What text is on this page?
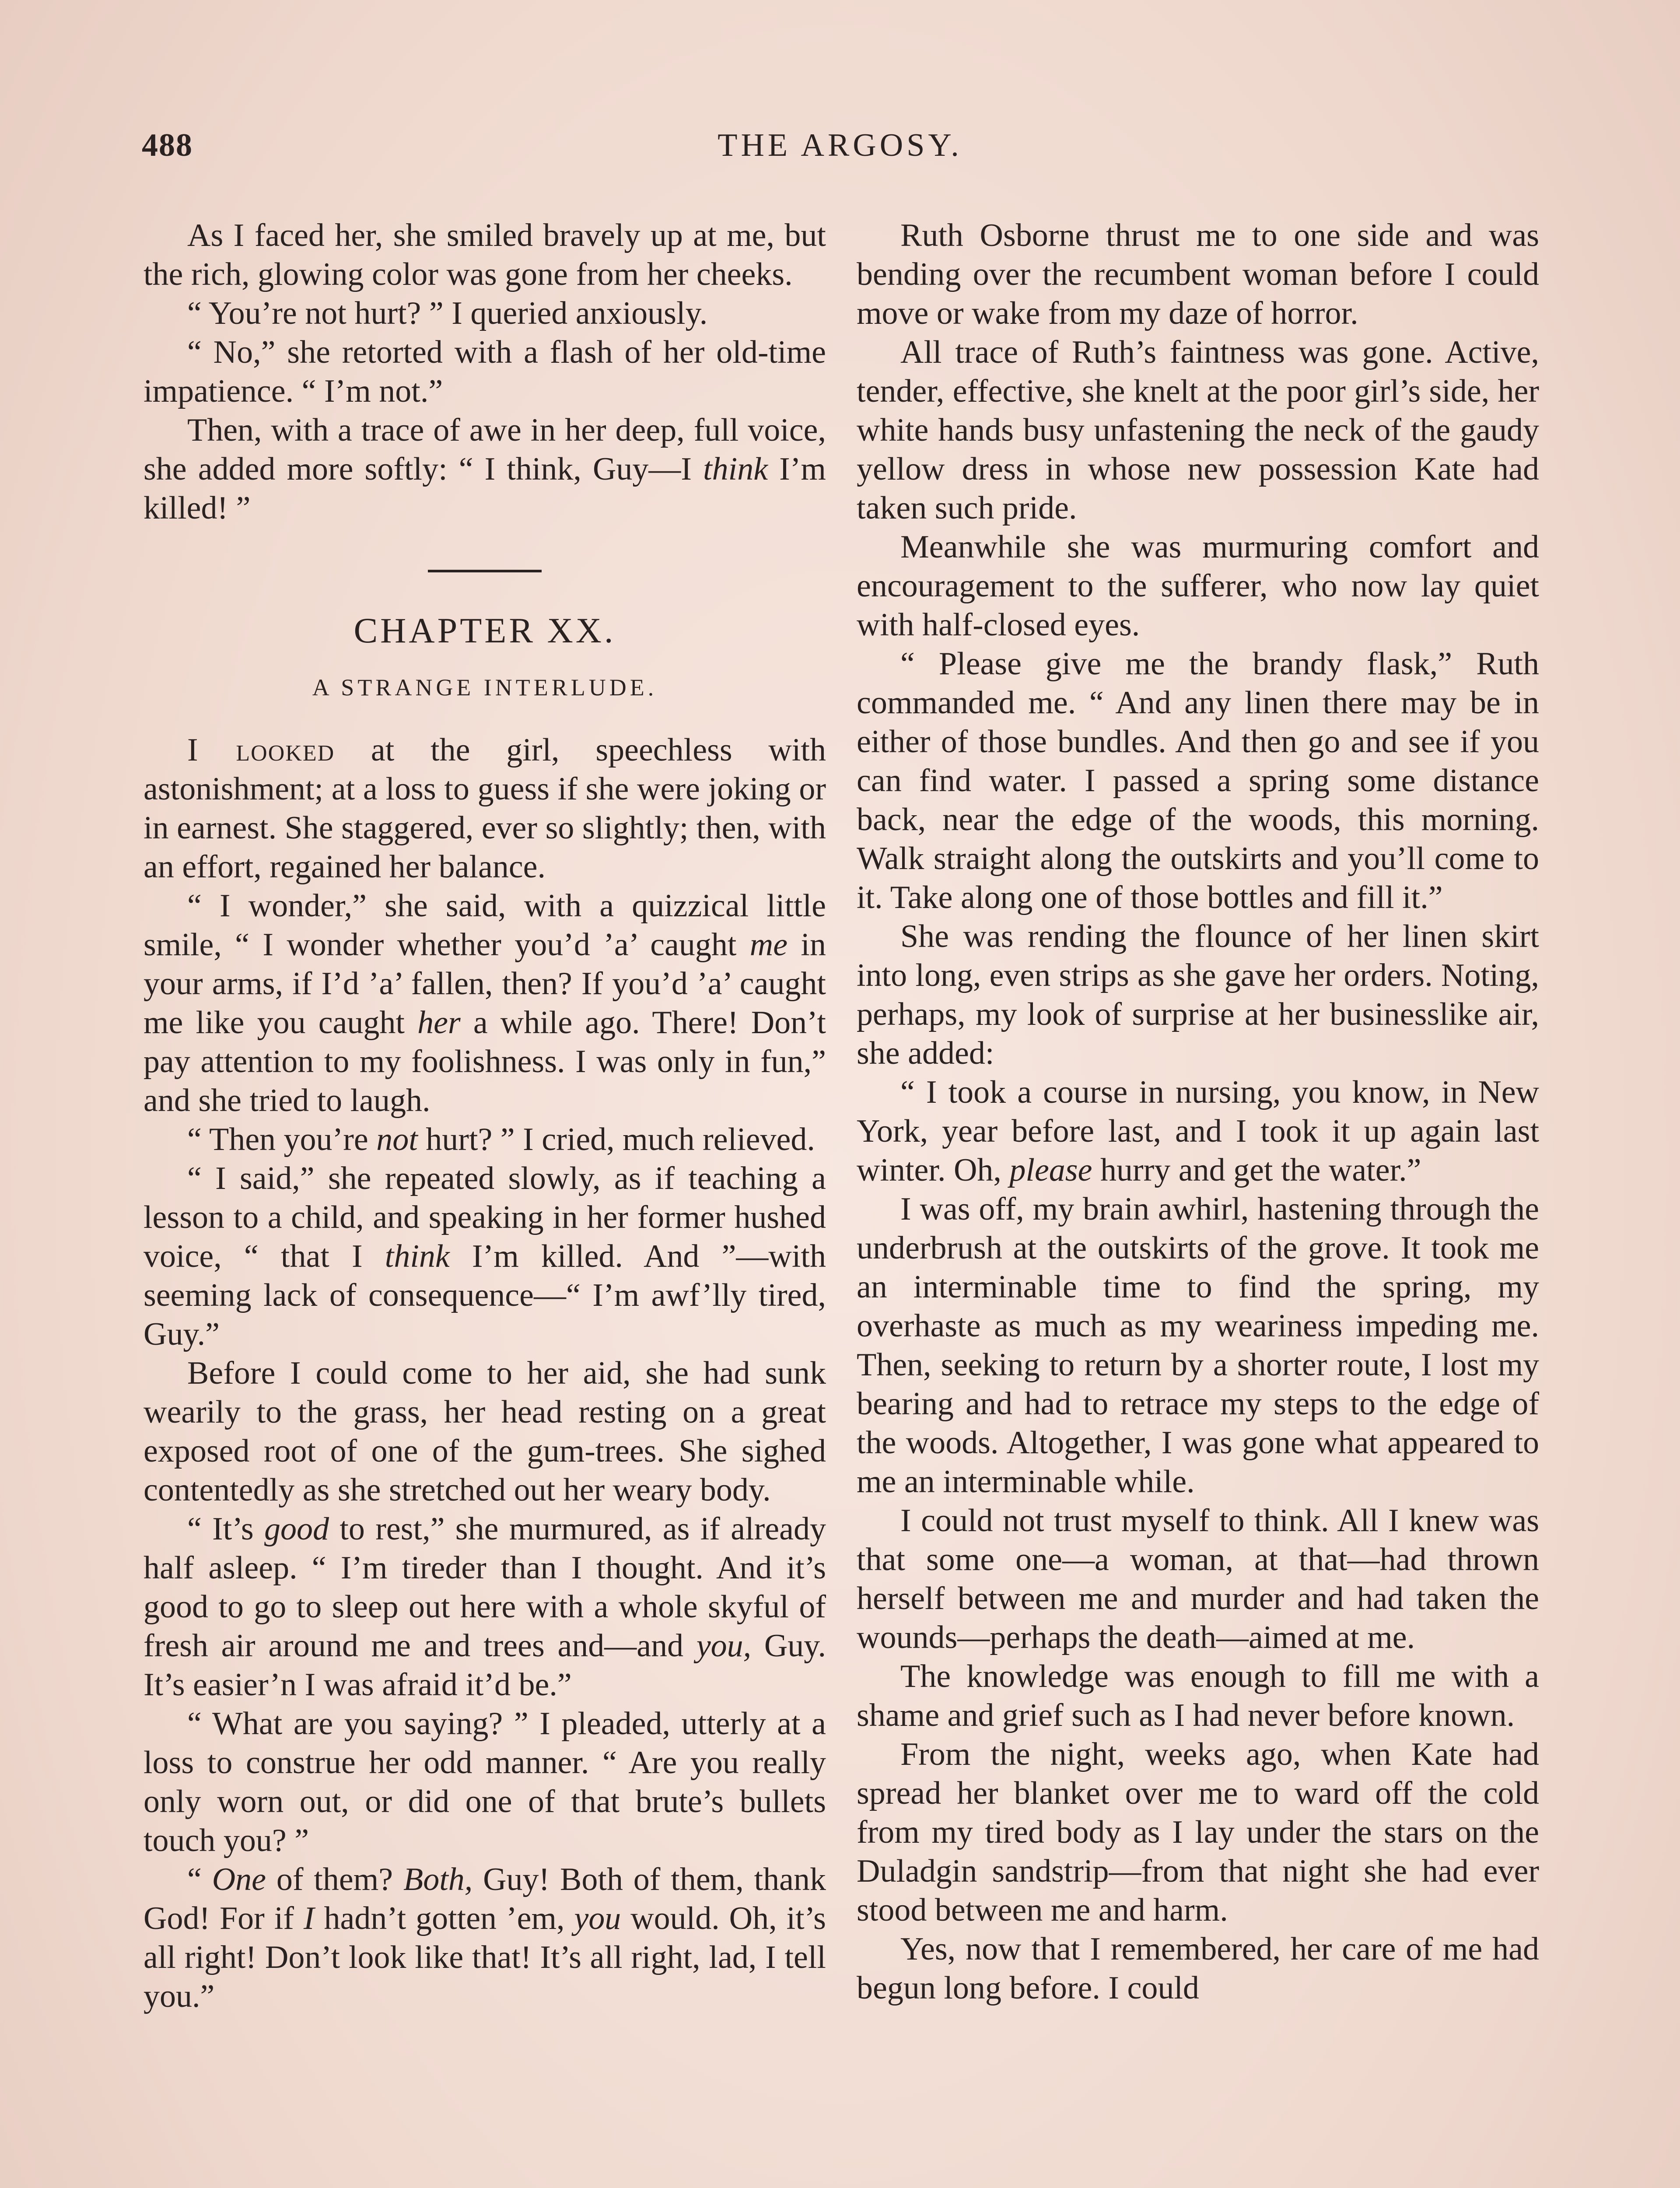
488	THE ARGOSY.

As I faced her, she smiled bravely up at me, but the rich, glowing color was gone from her cheeks.

“ You’re not hurt? ” I queried anxiously.

“ No,” she retorted with a flash of her old-time impatience. “ I’m not.”

Then, with a trace of awe in her deep, full voice, she added more softly: “ I think, Guy—I think I’m killed! ”

CHAPTER XX.
A STRANGE INTERLUDE.

I looked at the girl, speechless with astonishment; at a loss to guess if she were joking or in earnest. She staggered, ever so slightly; then, with an effort, regained her balance.

“ I wonder,” she said, with a quizzical little smile, “ I wonder whether you’d ’a’ caught me in your arms, if I’d ’a’ fallen, then? If you’d ’a’ caught me like you caught her a while ago. There! Don’t pay attention to my foolishness. I was only in fun,” and she tried to laugh.

“ Then you’re not hurt? ” I cried, much relieved.

“ I said,” she repeated slowly, as if teaching a lesson to a child, and speaking in her former hushed voice, “ that I think I’m killed. And ”—with seeming lack of consequence—“ I’m awf’lly tired, Guy.”

Before I could come to her aid, she had sunk wearily to the grass, her head resting on a great exposed root of one of the gum-trees. She sighed contentedly as she stretched out her weary body.

“ It’s good to rest,” she murmured, as if already half asleep. “ I’m tireder than I thought. And it’s good to go to sleep out here with a whole skyful of fresh air around me and trees and—and you, Guy. It’s easier’n I was afraid it’d be.”

“ What are you saying? ” I pleaded, utterly at a loss to construe her odd manner. “ Are you really only worn out, or did one of that brute’s bullets touch you? ”

“ One of them? Both, Guy! Both of them, thank God! For if I hadn’t gotten ’em, you would. Oh, it’s all right! Don’t look like that! It’s all right, lad, I tell you.”

Ruth Osborne thrust me to one side and was bending over the recumbent woman before I could move or wake from my daze of horror.

All trace of Ruth’s faintness was gone. Active, tender, effective, she knelt at the poor girl’s side, her white hands busy unfastening the neck of the gaudy yellow dress in whose new possession Kate had taken such pride.

Meanwhile she was murmuring comfort and encouragement to the sufferer, who now lay quiet with half-closed eyes.

“ Please give me the brandy flask,” Ruth commanded me. “ And any linen there may be in either of those bundles. And then go and see if you can find water. I passed a spring some distance back, near the edge of the woods, this morning. Walk straight along the outskirts and you’ll come to it. Take along one of those bottles and fill it.”

She was rending the flounce of her linen skirt into long, even strips as she gave her orders. Noting, perhaps, my look of surprise at her businesslike air, she added:

“ I took a course in nursing, you know, in New York, year before last, and I took it up again last winter. Oh, please hurry and get the water.”

I was off, my brain awhirl, hastening through the underbrush at the outskirts of the grove. It took me an interminable time to find the spring, my overhaste as much as my weariness impeding me. Then, seeking to return by a shorter route, I lost my bearing and had to retrace my steps to the edge of the woods. Altogether, I was gone what appeared to me an interminable while.

I could not trust myself to think. All I knew was that some one—a woman, at that—had thrown herself between me and murder and had taken the wounds—perhaps the death—aimed at me.

The knowledge was enough to fill me with a shame and grief such as I had never before known.

From the night, weeks ago, when Kate had spread her blanket over me to ward off the cold from my tired body as I lay under the stars on the Duladgin sandstrip—from that night she had ever stood between me and harm.

Yes, now that I remembered, her care of me had begun long before. I could
